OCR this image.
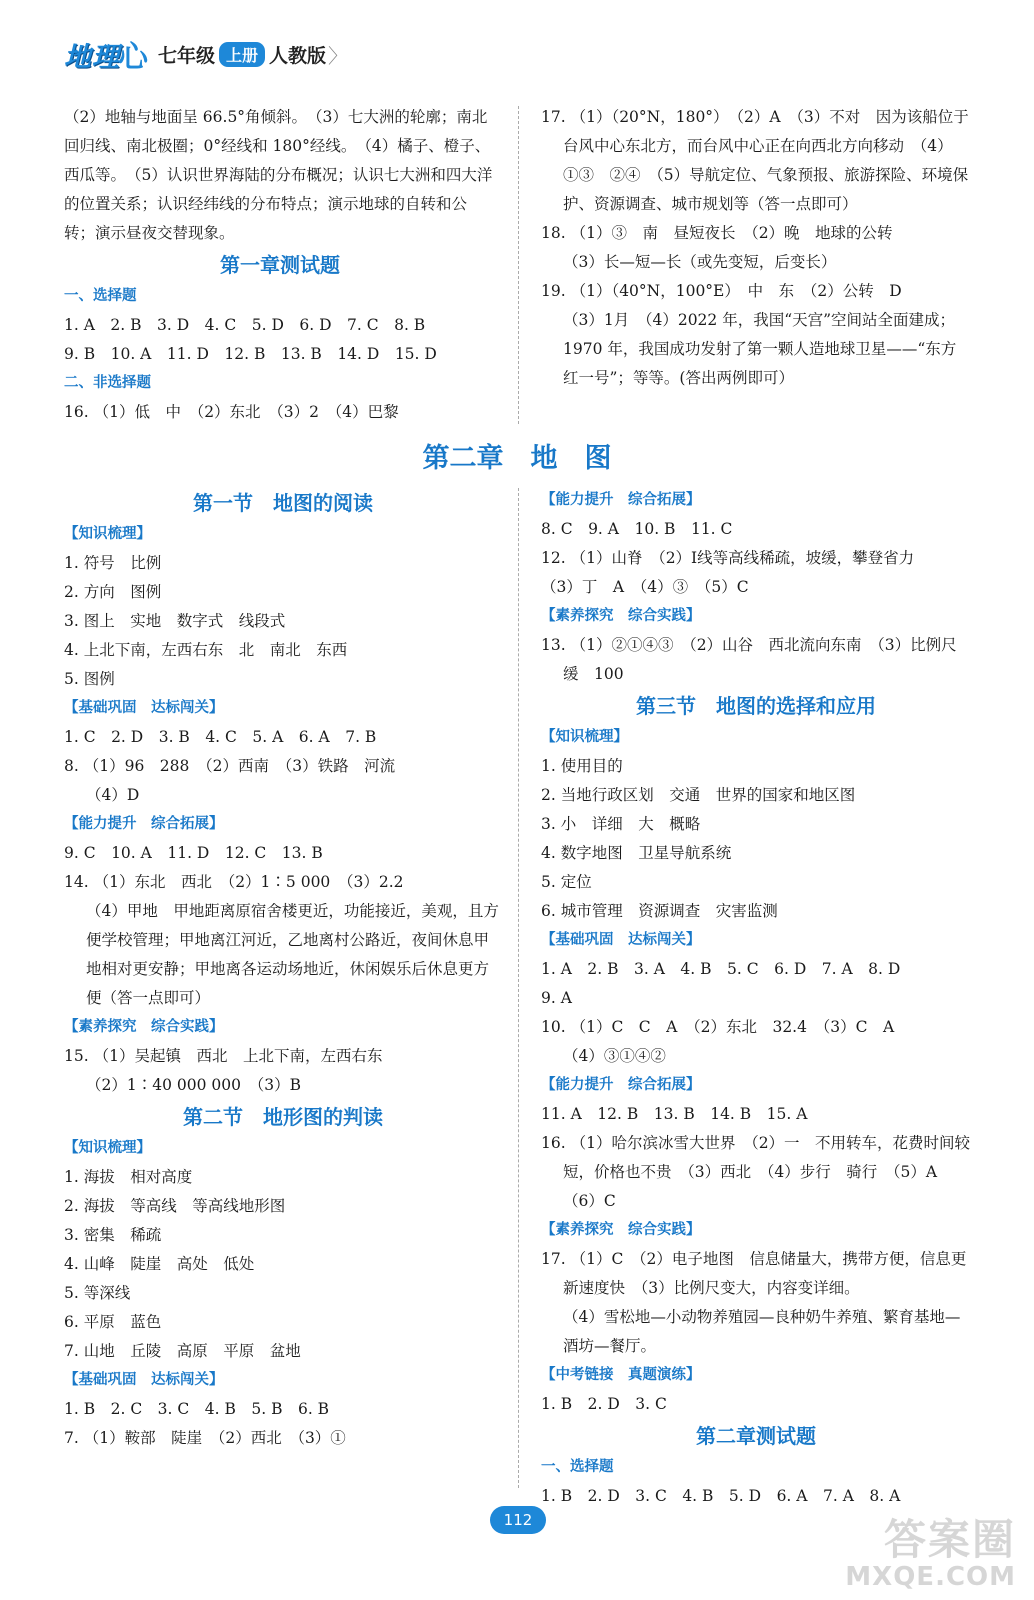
地理
心 七年级 上册 人教版 〉

（2）地轴与地面呈 66.5°角倾斜。　（3）七大洲的轮廓；南北回归线、南北极圈；0°经线和 180°经线。　（4）橘子、橙子、西瓜等。　（5）认识世界海陆的分布概况；认识七大洲和四大洋的位置关系；认识经纬线的分布特点；演示地球的自转和公转；演示昼夜交替现象。

第一章测试题

一、选择题

1. A　2. B　3. D　4. C　5. D　6. D　7. C　8. B

9. B　10. A　11. D　12. B　13. B　14. D　15. D

二、非选择题

16. （1）低　中　（2）东北　（3）2　（4）巴黎

17. （1）（20°N，180°）　（2）A　（3）不对　因为该船位于台风中心东北方，而台风中心正在向西北方向移动　（4）①③　②④　（5）导航定位、气象预报、旅游探险、环境保护、资源调查、城市规划等（答一点即可）

18. （1）③　南　昼短夜长　（2）晚　地球的公转

（3）长—短—长（或先变短，后变长）

19. （1）（40°N，100°E）　中　东　（2）公转　D

（3）1月　（4）2022 年，我国“天宫”空间站全面建成；1970 年，我国成功发射了第一颗人造地球卫星——“东方红一号”；等等。(答出两例即可）

第二章　地　图

第一节　地图的阅读

【知识梳理】

1. 符号　比例

2. 方向　图例

3. 图上　实地　数字式　线段式

4. 上北下南，左西右东　北　南北　东西

5. 图例

【基础巩固　达标闯关】

1. C　2. D　3. B　4. C　5. A　6. A　7. B

8. （1）96　288　（2）西南　（3）铁路　河流

（4）D

【能力提升　综合拓展】

9. C　10. A　11. D　12. C　13. B

14. （1）东北　西北　（2）1∶5 000　（3）2.2

（4）甲地　甲地距离原宿舍楼更近，功能接近，美观，且方便学校管理；甲地离江河近，乙地离村公路近，夜间休息甲地相对更安静；甲地离各运动场地近，休闲娱乐后休息更方便（答一点即可）

【素养探究　综合实践】

15. （1）吴起镇　西北　上北下南，左西右东

（2）1∶40 000 000　（3）B

第二节　地形图的判读

【知识梳理】

1. 海拔　相对高度

2. 海拔　等高线　等高线地形图

3. 密集　稀疏

4. 山峰　陡崖　高处　低处

5. 等深线

6. 平原　蓝色

7. 山地　丘陵　高原　平原　盆地

【基础巩固　达标闯关】

1. B　2. C　3. C　4. B　5. B　6. B

7. （1）鞍部　陡崖　（2）西北　（3）①

【能力提升　综合拓展】

8. C　9. A　10. B　11. C

12. （1）山脊　（2）Ⅰ线等高线稀疏，坡缓，攀登省力

（3）丁　A　（4）③　（5）C

【素养探究　综合实践】

13. （1）②①④③　（2）山谷　西北流向东南　（3）比例尺　缓　100

第三节　地图的选择和应用

【知识梳理】

1. 使用目的

2. 当地行政区划　交通　世界的国家和地区图

3. 小　详细　大　概略

4. 数字地图　卫星导航系统

5. 定位

6. 城市管理　资源调查　灾害监测

【基础巩固　达标闯关】

1. A　2. B　3. A　4. B　5. C　6. D　7. A　8. D

9. A

10. （1）C　C　A　（2）东北　32.4　（3）C　A

（4）③①④②

【能力提升　综合拓展】

11. A　12. B　13. B　14. B　15. A

16. （1）哈尔滨冰雪大世界　（2）一　不用转车，花费时间较短，价格也不贵　（3）西北　（4）步行　骑行　（5）A　（6）C

【素养探究　综合实践】

17. （1）C　（2）电子地图　信息储量大，携带方便，信息更新速度快　（3）比例尺变大，内容变详细。

（4）雪松地—小动物养殖园—良种奶牛养殖、繁育基地—酒坊—餐厅。

【中考链接　真题演练】

1. B　2. D　3. C

第二章测试题

一、选择题

1. B　2. D　3. C　4. B　5. D　6. A　7. A　8. A

112	答案圈
MXQE.COM
